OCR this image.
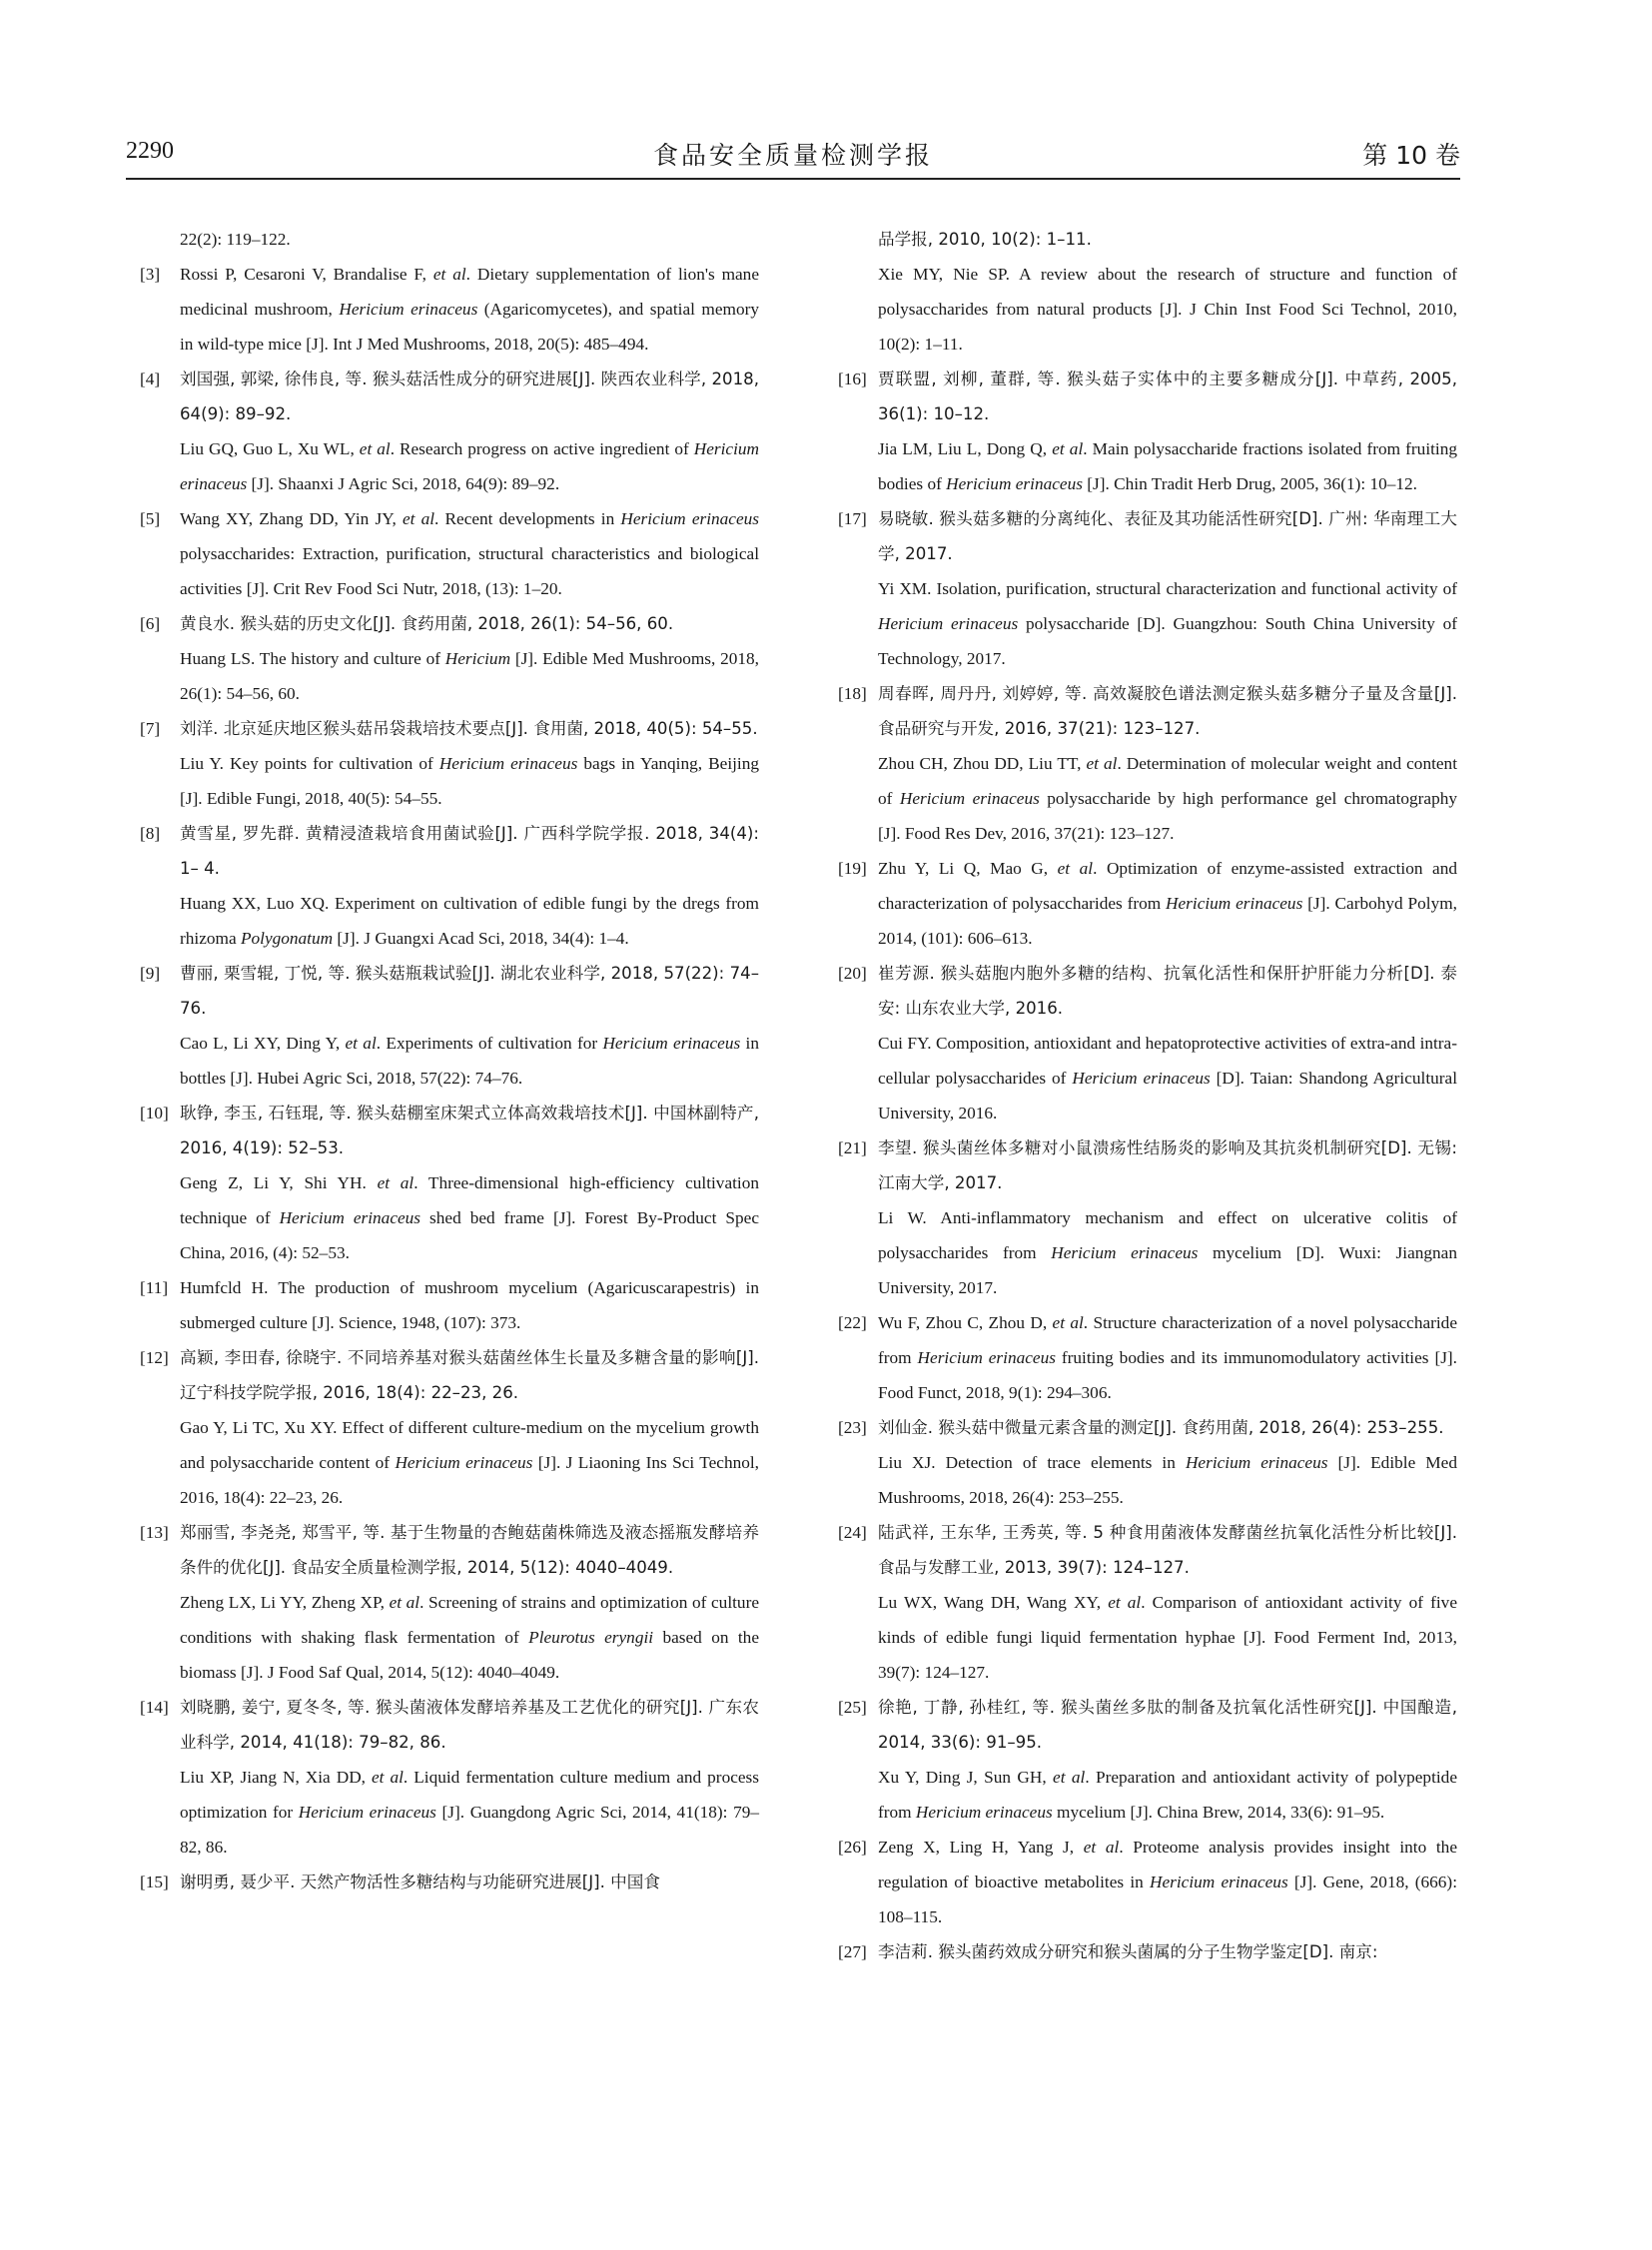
2290	食品安全质量检测学报	第 10 卷
22(2): 119–122.
[3] Rossi P, Cesaroni V, Brandalise F, et al. Dietary supplementation of lion's mane medicinal mushroom, Hericium erinaceus (Agaricomycetes), and spatial memory in wild-type mice [J]. Int J Med Mushrooms, 2018, 20(5): 485–494.
[4] 刘国强, 郭梁, 徐伟良, 等. 猴头菇活性成分的研究进展[J]. 陕西农业科学, 2018, 64(9): 89–92.
Liu GQ, Guo L, Xu WL, et al. Research progress on active ingredient of Hericium erinaceus [J]. Shaanxi J Agric Sci, 2018, 64(9): 89–92.
[5] Wang XY, Zhang DD, Yin JY, et al. Recent developments in Hericium erinaceus polysaccharides: Extraction, purification, structural characteristics and biological activities [J]. Crit Rev Food Sci Nutr, 2018, (13): 1–20.
[6] 黄良水. 猴头菇的历史文化[J]. 食药用菌, 2018, 26(1): 54–56, 60.
Huang LS. The history and culture of Hericium [J]. Edible Med Mushrooms, 2018, 26(1): 54–56, 60.
[7] 刘洋. 北京延庆地区猴头菇吊袋栽培技术要点[J]. 食用菌, 2018, 40(5): 54–55.
Liu Y. Key points for cultivation of Hericium erinaceus bags in Yanqing, Beijing [J]. Edible Fungi, 2018, 40(5): 54–55.
[8] 黄雪星, 罗先群. 黄精浸渣栽培食用菌试验[J]. 广西科学院学报. 2018, 34(4): 1– 4.
Huang XX, Luo XQ. Experiment on cultivation of edible fungi by the dregs from rhizoma Polygonatum [J]. J Guangxi Acad Sci, 2018, 34(4): 1–4.
[9] 曹丽, 栗雪辊, 丁悦, 等. 猴头菇瓶栽试验[J]. 湖北农业科学, 2018, 57(22): 74–76.
Cao L, Li XY, Ding Y, et al. Experiments of cultivation for Hericium erinaceus in bottles [J]. Hubei Agric Sci, 2018, 57(22): 74–76.
[10] 耿铮, 李玉, 石钰琨, 等. 猴头菇棚室床架式立体高效栽培技术[J]. 中国林副特产, 2016, 4(19): 52–53.
Geng Z, Li Y, Shi YH. et al. Three-dimensional high-efficiency cultivation technique of Hericium erinaceus shed bed frame [J]. Forest By-Product Spec China, 2016, (4): 52–53.
[11] Humfcld H. The production of mushroom mycelium (Agaricuscarapestris) in submerged culture [J]. Science, 1948, (107): 373.
[12] 高颖, 李田春, 徐晓宇. 不同培养基对猴头菇菌丝体生长量及多糖含量的影响[J]. 辽宁科技学院学报, 2016, 18(4): 22–23, 26.
Gao Y, Li TC, Xu XY. Effect of different culture-medium on the mycelium growth and polysaccharide content of Hericium erinaceus [J]. J Liaoning Ins Sci Technol, 2016, 18(4): 22–23, 26.
[13] 郑丽雪, 李尧尧, 郑雪平, 等. 基于生物量的杏鲍菇菌株筛选及液态摇瓶发酵培养条件的优化[J]. 食品安全质量检测学报, 2014, 5(12): 4040–4049.
Zheng LX, Li YY, Zheng XP, et al. Screening of strains and optimization of culture conditions with shaking flask fermentation of Pleurotus eryngii based on the biomass [J]. J Food Saf Qual, 2014, 5(12): 4040–4049.
[14] 刘晓鹏, 姜宁, 夏冬冬, 等. 猴头菌液体发酵培养基及工艺优化的研究[J]. 广东农业科学, 2014, 41(18): 79–82, 86.
Liu XP, Jiang N, Xia DD, et al. Liquid fermentation culture medium and process optimization for Hericium erinaceus [J]. Guangdong Agric Sci, 2014, 41(18): 79–82, 86.
[15] 谢明勇, 聂少平. 天然产物活性多糖结构与功能研究进展[J]. 中国食
品学报, 2010, 10(2): 1–11.
Xie MY, Nie SP. A review about the research of structure and function of polysaccharides from natural products [J]. J Chin Inst Food Sci Technol, 2010, 10(2): 1–11.
[16] 贾联盟, 刘柳, 董群, 等. 猴头菇子实体中的主要多糖成分[J]. 中草药, 2005, 36(1): 10–12.
Jia LM, Liu L, Dong Q, et al. Main polysaccharide fractions isolated from fruiting bodies of Hericium erinaceus [J]. Chin Tradit Herb Drug, 2005, 36(1): 10–12.
[17] 易晓敏. 猴头菇多糖的分离纯化、表征及其功能活性研究[D]. 广州: 华南理工大学, 2017.
Yi XM. Isolation, purification, structural characterization and functional activity of Hericium erinaceus polysaccharide [D]. Guangzhou: South China University of Technology, 2017.
[18] 周春晖, 周丹丹, 刘婷婷, 等. 高效凝胶色谱法测定猴头菇多糖分子量及含量[J]. 食品研究与开发, 2016, 37(21): 123–127.
Zhou CH, Zhou DD, Liu TT, et al. Determination of molecular weight and content of Hericium erinaceus polysaccharide by high performance gel chromatography [J]. Food Res Dev, 2016, 37(21): 123–127.
[19] Zhu Y, Li Q, Mao G, et al. Optimization of enzyme-assisted extraction and characterization of polysaccharides from Hericium erinaceus [J]. Carbohyd Polym, 2014, (101): 606–613.
[20] 崔芳源. 猴头菇胞内胞外多糖的结构、抗氧化活性和保肝护肝能力分析[D]. 泰安: 山东农业大学, 2016.
Cui FY. Composition, antioxidant and hepatoprotective activities of extra-and intra-cellular polysaccharides of Hericium erinaceus [D]. Taian: Shandong Agricultural University, 2016.
[21] 李望. 猴头菌丝体多糖对小鼠溃疡性结肠炎的影响及其抗炎机制研究[D]. 无锡: 江南大学, 2017.
Li W. Anti-inflammatory mechanism and effect on ulcerative colitis of polysaccharides from Hericium erinaceus mycelium [D]. Wuxi: Jiangnan University, 2017.
[22] Wu F, Zhou C, Zhou D, et al. Structure characterization of a novel polysaccharide from Hericium erinaceus fruiting bodies and its immunomodulatory activities [J]. Food Funct, 2018, 9(1): 294–306.
[23] 刘仙金. 猴头菇中微量元素含量的测定[J]. 食药用菌, 2018, 26(4): 253–255.
Liu XJ. Detection of trace elements in Hericium erinaceus [J]. Edible Med Mushrooms, 2018, 26(4): 253–255.
[24] 陆武祥, 王东华, 王秀英, 等. 5 种食用菌液体发酵菌丝抗氧化活性分析比较[J]. 食品与发酵工业, 2013, 39(7): 124–127.
Lu WX, Wang DH, Wang XY, et al. Comparison of antioxidant activity of five kinds of edible fungi liquid fermentation hyphae [J]. Food Ferment Ind, 2013, 39(7): 124–127.
[25] 徐艳, 丁静, 孙桂红, 等. 猴头菌丝多肽的制备及抗氧化活性研究[J]. 中国酿造, 2014, 33(6): 91–95.
Xu Y, Ding J, Sun GH, et al. Preparation and antioxidant activity of polypeptide from Hericium erinaceus mycelium [J]. China Brew, 2014, 33(6): 91–95.
[26] Zeng X, Ling H, Yang J, et al. Proteome analysis provides insight into the regulation of bioactive metabolites in Hericium erinaceus [J]. Gene, 2018, (666): 108–115.
[27] 李洁莉. 猴头菌药效成分研究和猴头菌属的分子生物学鉴定[D]. 南京:
